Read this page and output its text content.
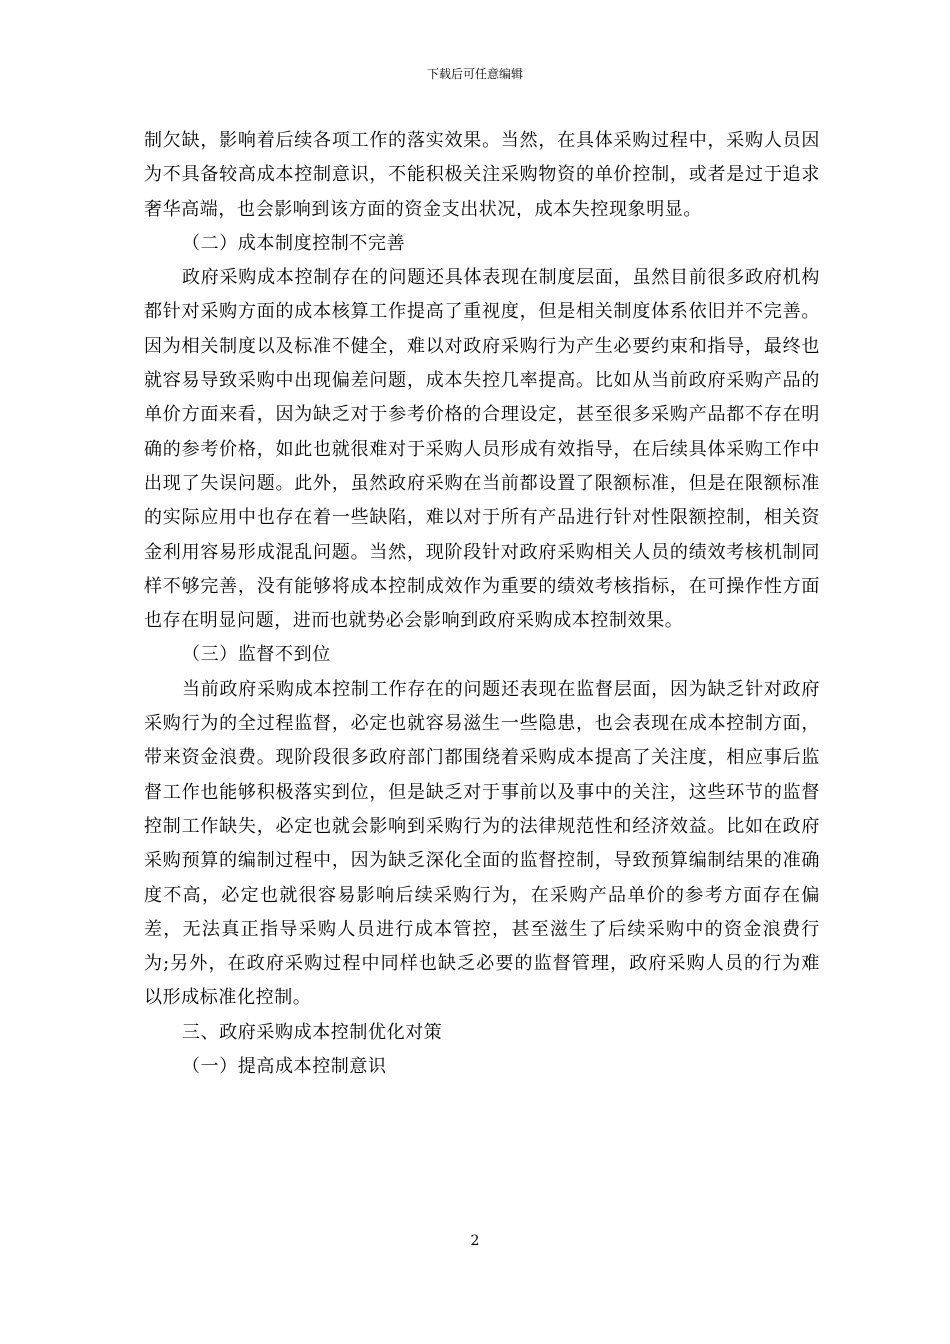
下载后可任意编辑

制欠缺，影响着后续各项工作的落实效果。当然，在具体采购过程中，采购人员因为不具备较高成本控制意识，不能积极关注采购物资的单价控制，或者是过于追求奢华高端，也会影响到该方面的资金支出状况，成本失控现象明显。

（二）成本制度控制不完善

政府采购成本控制存在的问题还具体表现在制度层面，虽然目前很多政府机构都针对采购方面的成本核算工作提高了重视度，但是相关制度体系依旧并不完善。因为相关制度以及标准不健全，难以对政府采购行为产生必要约束和指导，最终也就容易导致采购中出现偏差问题，成本失控几率提高。比如从当前政府采购产品的单价方面来看，因为缺乏对于参考价格的合理设定，甚至很多采购产品都不存在明确的参考价格，如此也就很难对于采购人员形成有效指导，在后续具体采购工作中出现了失误问题。此外，虽然政府采购在当前都设置了限额标准，但是在限额标准的实际应用中也存在着一些缺陷，难以对于所有产品进行针对性限额控制，相关资金利用容易形成混乱问题。当然，现阶段针对政府采购相关人员的绩效考核机制同样不够完善，没有能够将成本控制成效作为重要的绩效考核指标，在可操作性方面也存在明显问题，进而也就势必会影响到政府采购成本控制效果。

（三）监督不到位

当前政府采购成本控制工作存在的问题还表现在监督层面，因为缺乏针对政府采购行为的全过程监督，必定也就容易滋生一些隐患，也会表现在成本控制方面，带来资金浪费。现阶段很多政府部门都围绕着采购成本提高了关注度，相应事后监督工作也能够积极落实到位，但是缺乏对于事前以及事中的关注，这些环节的监督控制工作缺失，必定也就会影响到采购行为的法律规范性和经济效益。比如在政府采购预算的编制过程中，因为缺乏深化全面的监督控制，导致预算编制结果的准确度不高，必定也就很容易影响后续采购行为，在采购产品单价的参考方面存在偏差，无法真正指导采购人员进行成本管控，甚至滋生了后续采购中的资金浪费行为;另外，在政府采购过程中同样也缺乏必要的监督管理，政府采购人员的行为难以形成标准化控制。

三、政府采购成本控制优化对策

（一）提高成本控制意识

2
